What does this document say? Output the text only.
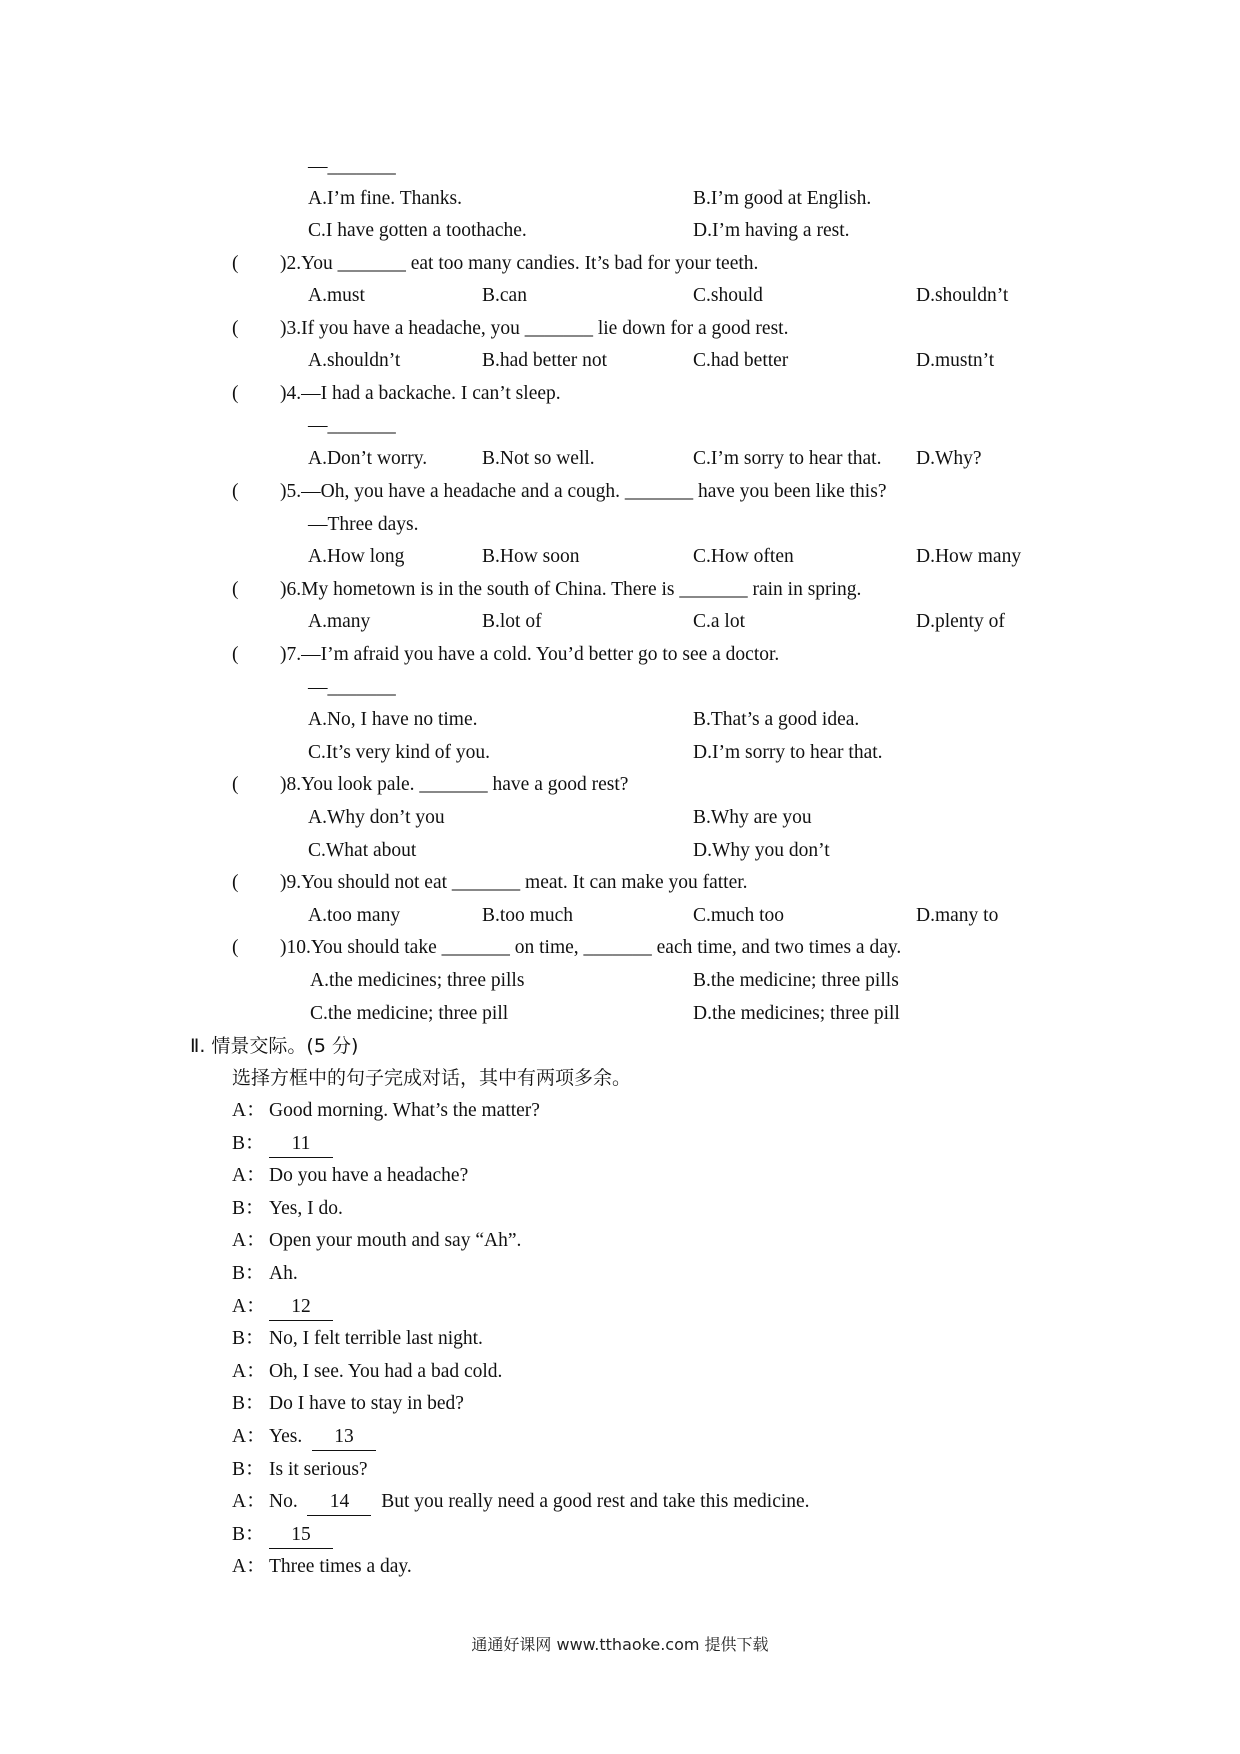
—_______
A.I’m fine. Thanks.	B.I’m good at English.
C.I have gotten a toothache.	D.I’m having a rest.
( )2.You _______ eat too many candies. It’s bad for your teeth.
A.must	B.can	C.should	D.shouldn’t
( )3.If you have a headache, you _______ lie down for a good rest.
A.shouldn’t	B.had better not	C.had better	D.mustn’t
( )4.—I had a backache. I can’t sleep.
—_______
A.Don’t worry.	B.Not so well.	C.I’m sorry to hear that. D.Why?
( )5.—Oh, you have a headache and a cough. _______ have you been like this?
—Three days.
A.How long	B.How soon	C.How often	D.How many
( )6.My hometown is in the south of China. There is _______ rain in spring.
A.many	B.lot of	C.a lot	D.plenty of
( )7.—I’m afraid you have a cold. You’d better go to see a doctor.
—_______
A.No, I have no time.	B.That’s a good idea.
C.It’s very kind of you.	D.I’m sorry to hear that.
( )8.You look pale. _______ have a good rest?
A.Why don’t you	B.Why are you
C.What about	D.Why you don’t
( )9.You should not eat _______ meat. It can make you fatter.
A.too many	B.too much	C.much too	D.many to
( )10.You should take _______ on time, _______ each time, and two times a day.
A.the medicines; three pills	B.the medicine; three pills
C.the medicine; three pill	D.the medicines; three pill
Ⅱ. 情景交际。(5 分)
选择方框中的句子完成对话，其中有两项多余。
A： Good morning. What’s the matter?
B：	11
A： Do you have a headache?
B： Yes, I do.
A： Open your mouth and say “Ah”.
B： Ah.
A：	12
B： No, I felt terrible last night.
A： Oh, I see. You had a bad cold.
B： Do I have to stay in bed?
A： Yes. 13
B： Is it serious?
A： No. 14 But you really need a good rest and take this medicine.
B：	15
A： Three times a day.
通通好课网 www.tthaoke.com 提供下载
